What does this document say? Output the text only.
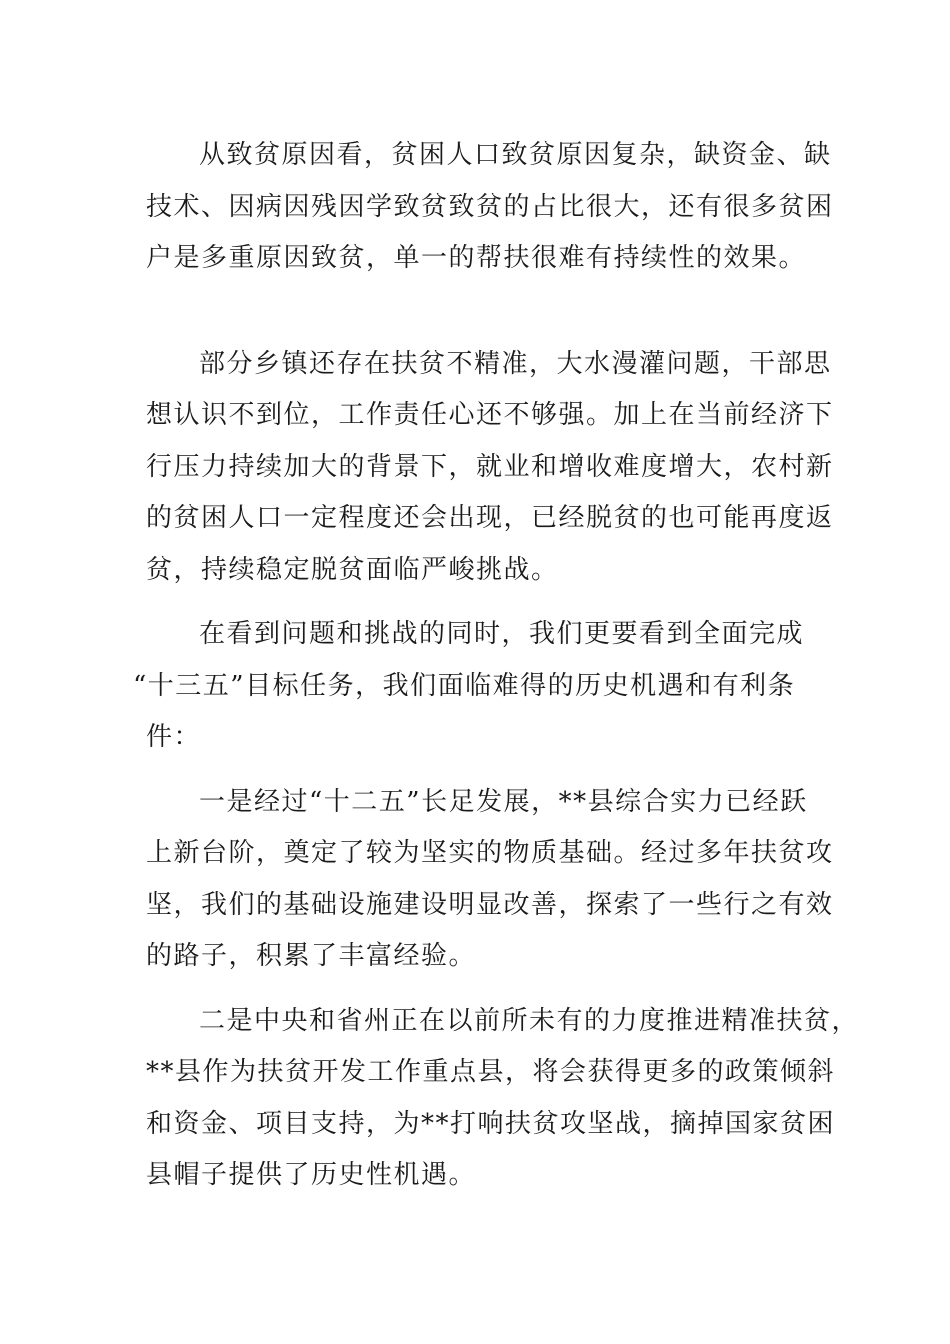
从致贫原因看，贫困人口致贫原因复杂，缺资金、缺
技术、因病因残因学致贫致贫的占比很大，还有很多贫困
户是多重原因致贫，单一的帮扶很难有持续性的效果。
部分乡镇还存在扶贫不精准，大水漫灌问题，干部思
想认识不到位，工作责任心还不够强。加上在当前经济下
行压力持续加大的背景下，就业和增收难度增大，农村新
的贫困人口一定程度还会出现，已经脱贫的也可能再度返
贫，持续稳定脱贫面临严峻挑战。
在看到问题和挑战的同时，我们更要看到全面完成
“十三五”目标任务，我们面临难得的历史机遇和有利条
件：
一是经过“十二五”长足发展，**县综合实力已经跃
上新台阶，奠定了较为坚实的物质基础。经过多年扶贫攻
坚，我们的基础设施建设明显改善，探索了一些行之有效
的路子，积累了丰富经验。
二是中央和省州正在以前所未有的力度推进精准扶贫，
**县作为扶贫开发工作重点县，将会获得更多的政策倾斜
和资金、项目支持，为**打响扶贫攻坚战，摘掉国家贫困
县帽子提供了历史性机遇。
